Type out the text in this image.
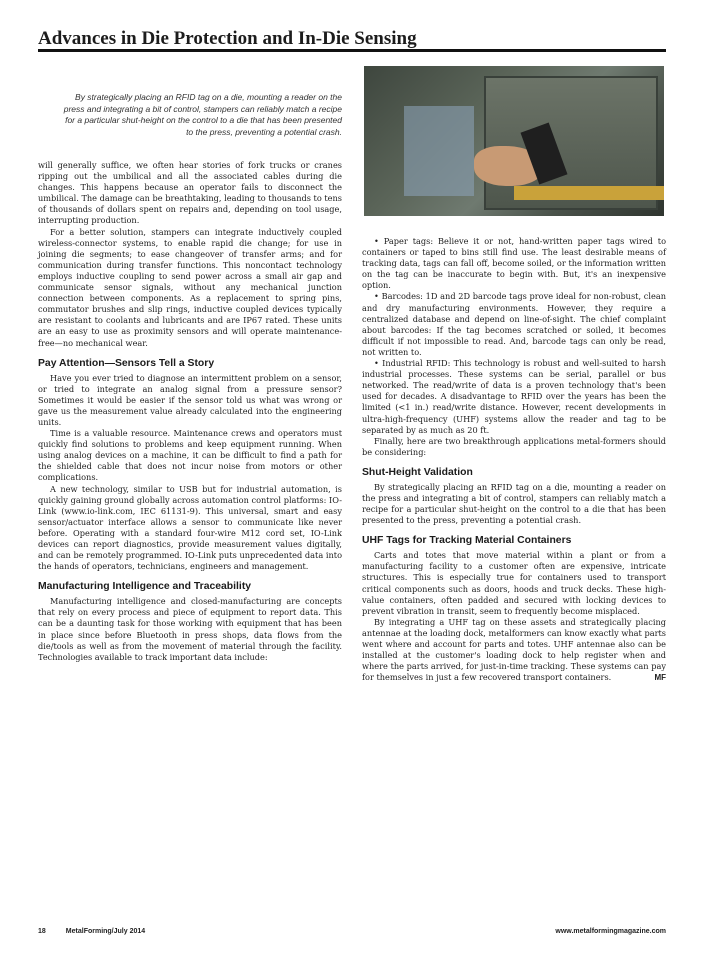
Advances in Die Protection and In-Die Sensing
By strategically placing an RFID tag on a die, mounting a reader on the press and integrating a bit of control, stampers can reliably match a recipe for a particular shut-height on the control to a die that has been presented to the press, preventing a potential crash.

will generally suffice, we often hear stories of fork trucks or cranes ripping out the umbilical and all the associated cables during die changes. This happens because an operator fails to disconnect the umbilical. The damage can be breathtaking, leading to thousands to tens of thousands of dollars spent on repairs and, depending on tool usage, interrupting production.

For a better solution, stampers can integrate inductively coupled wireless-connector systems, to enable rapid die change; for use in joining die segments; to ease changeover of transfer arms; and for communication during transfer functions. This noncontact technology employs inductive coupling to send power across a small air gap and communicate sensor signals, without any mechanical junction connection between components. As a replacement to spring pins, commutator brushes and slip rings, inductive coupled devices typically are resistant to coolants and lubricants and are IP67 rated. These units are an easy to use as proximity sensors and will operate maintenance-free—no mechanical wear.

Pay Attention—Sensors Tell a Story

Have you ever tried to diagnose an intermittent problem on a sensor, or tried to integrate an analog signal from a pressure sensor? Sometimes it would be easier if the sensor told us what was wrong or gave us the measurement value already calculated into the engineering units.

Time is a valuable resource. Maintenance crews and operators must quickly find solutions to problems and keep equipment running. When using analog devices on a machine, it can be difficult to find a path for the shielded cable that does not incur noise from motors or other complications.

A new technology, similar to USB but for industrial automation, is quickly gaining ground globally across automation control platforms: IO-Link (www.io-link.com, IEC 61131-9). This universal, smart and easy sensor/actuator interface allows a sensor to communicate like never before. Operating with a standard four-wire M12 cord set, IO-Link devices can report diagnostics, provide measurement values digitally, and can be remotely programmed. IO-Link puts unprecedented data into the hands of operators, technicians, engineers and management.

Manufacturing Intelligence and Traceability

Manufacturing intelligence and closed-manufacturing are concepts that rely on every process and piece of equipment to report data. This can be a daunting task for those working with equipment that has been in place since before Bluetooth in press shops, data flows from the die/tools as well as from the movement of material through the facility. Technologies available to track important data include:

• Paper tags: Believe it or not, hand-written paper tags wired to containers or taped to bins still find use. The least desirable means of tracking data, tags can fall off, become soiled, or the information written on the tag can be inaccurate to begin with. But, it's an inexpensive option.

• Barcodes: 1D and 2D barcode tags prove ideal for non-robust, clean and dry manufacturing environments. However, they require a centralized database and depend on line-of-sight. The chief complaint about barcodes: If the tag becomes scratched or soiled, it becomes difficult if not impossible to read. And, barcode tags can only be read, not written to.

• Industrial RFID: This technology is robust and well-suited to harsh industrial processes. These systems can be serial, parallel or bus networked. The read/write of data is a proven technology that's been used for decades. A disadvantage to RFID over the years has been the limited (<1 in.) read/write distance. However, recent developments in ultra-high-frequency (UHF) systems allow the reader and tag to be separated by as much as 20 ft.

Finally, here are two breakthrough applications metal-formers should be considering:

Shut-Height Validation

By strategically placing an RFID tag on a die, mounting a reader on the press and integrating a bit of control, stampers can reliably match a recipe for a particular shut-height on the control to a die that has been presented to the press, preventing a potential crash.

UHF Tags for Tracking Material Containers

Carts and totes that move material within a plant or from a manufacturing facility to a customer often are expensive, intricate structures. This is especially true for containers used to transport critical components such as doors, hoods and truck decks. These high-value containers, often padded and secured with locking devices to prevent vibration in transit, seem to frequently become misplaced.

By integrating a UHF tag on these assets and strategically placing antennae at the loading dock, metalformers can know exactly what parts went where and account for parts and totes. UHF antennae also can be installed at the customer's loading dock to help register when and where the parts arrived, for just-in-time tracking. These systems can pay for themselves in just a few recovered transport containers.	MF

18	MetalForming/July 2014	www.metalformingmagazine.com
